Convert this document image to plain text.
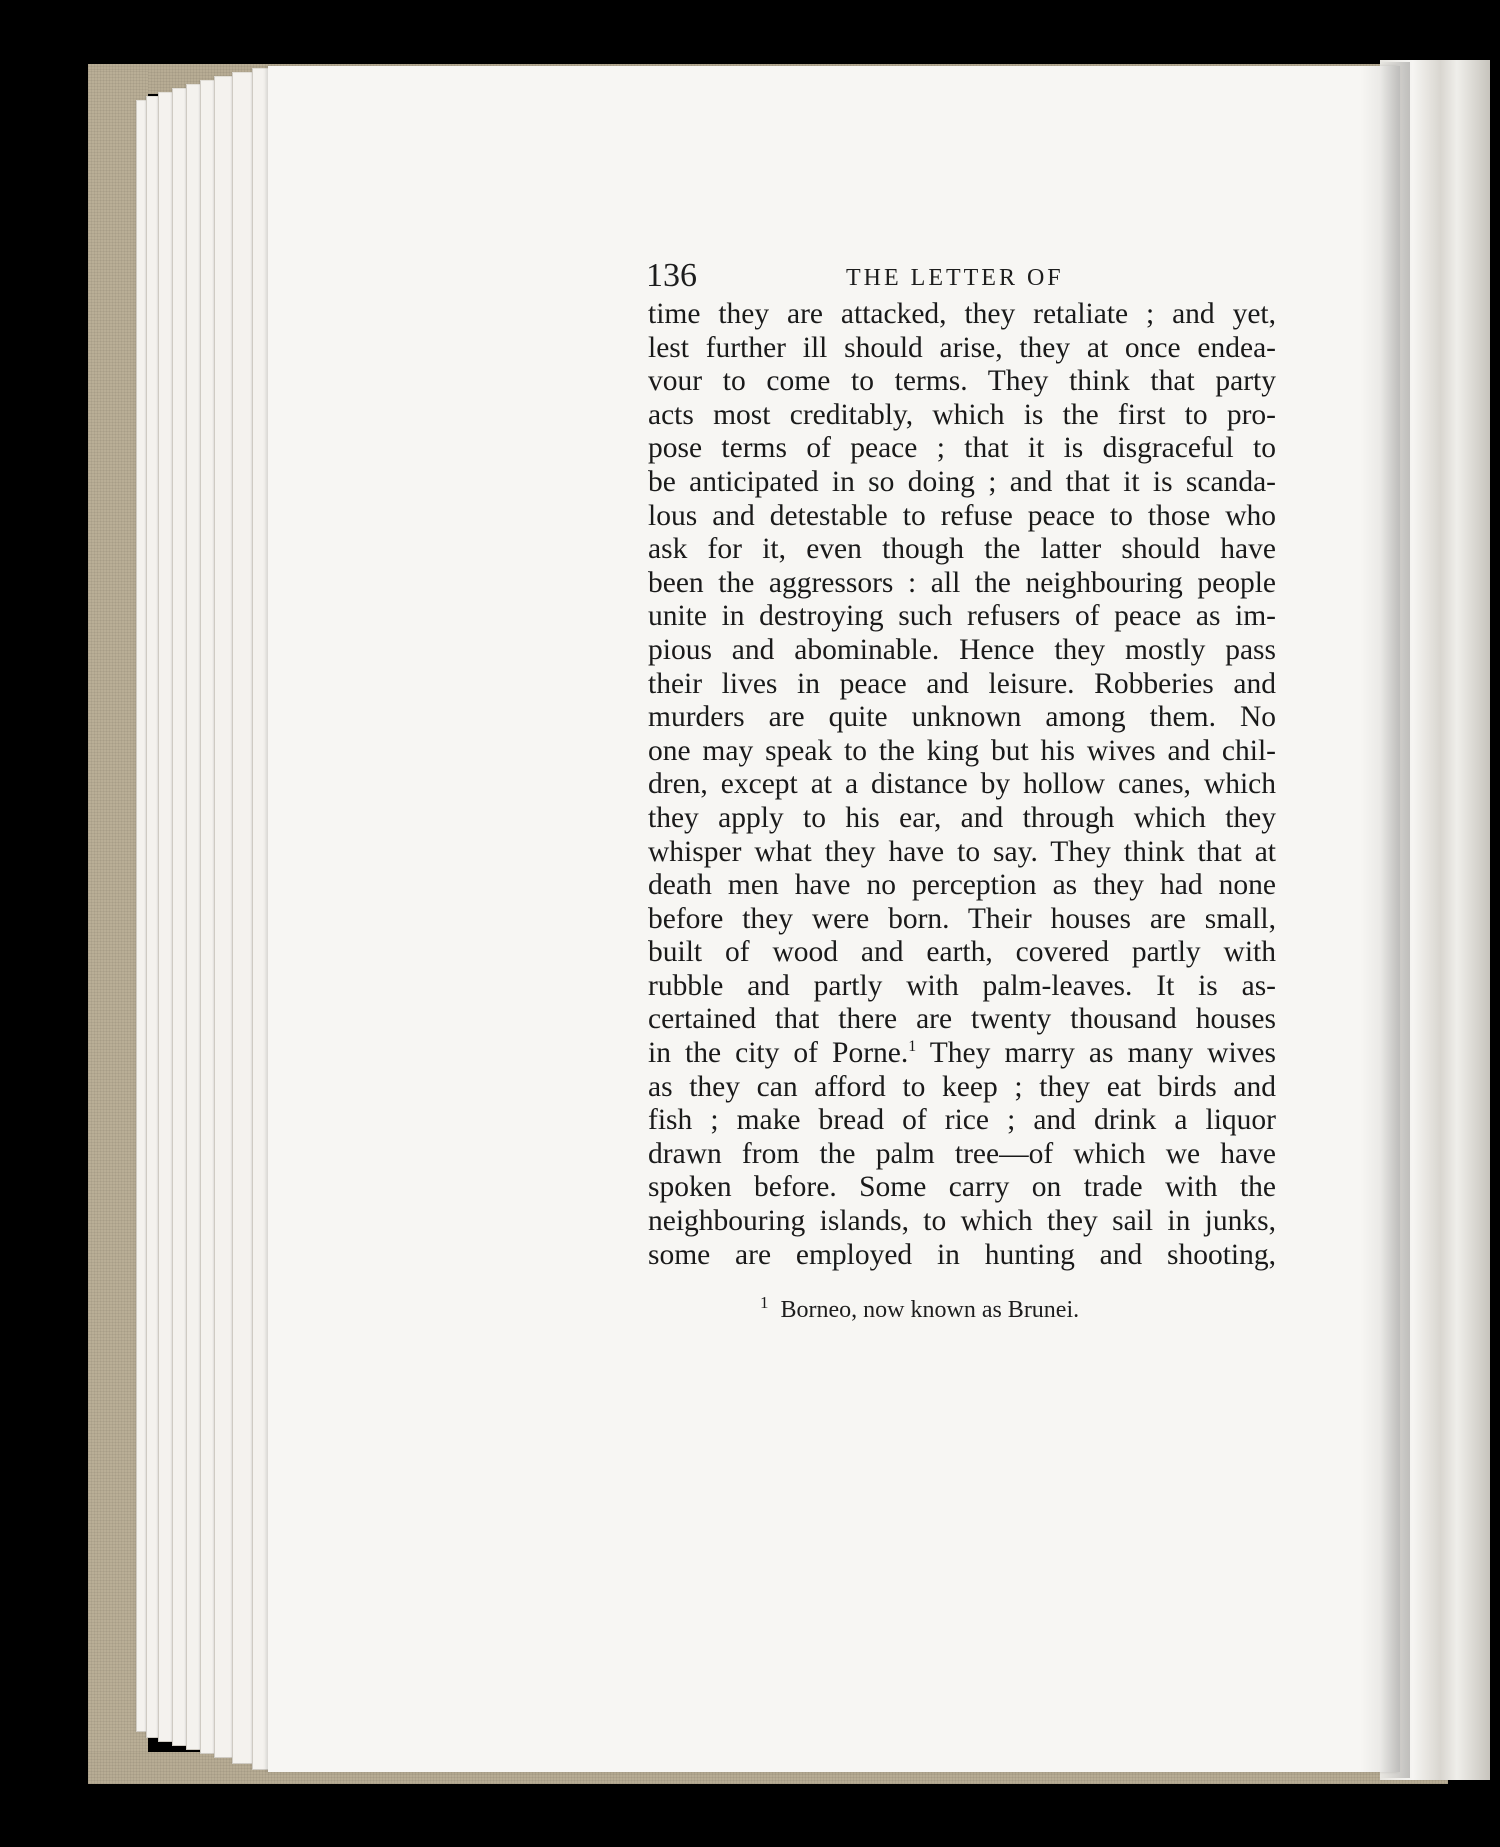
136	THE LETTER OF
time they are attacked, they retaliate ; and yet,
lest further ill should arise, they at once endea-
vour to come to terms. They think that party
acts most creditably, which is the first to pro-
pose terms of peace ; that it is disgraceful to
be anticipated in so doing ; and that it is scanda-
lous and detestable to refuse peace to those who
ask for it, even though the latter should have
been the aggressors : all the neighbouring people
unite in destroying such refusers of peace as im-
pious and abominable. Hence they mostly pass
their lives in peace and leisure. Robberies and
murders are quite unknown among them. No
one may speak to the king but his wives and chil-
dren, except at a distance by hollow canes, which
they apply to his ear, and through which they
whisper what they have to say. They think that at
death men have no perception as they had none
before they were born. Their houses are small,
built of wood and earth, covered partly with
rubble and partly with palm-leaves. It is as-
certained that there are twenty thousand houses
in the city of Porne.$^1$ They marry as many wives
as they can afford to keep ; they eat birds and
fish ; make bread of rice ; and drink a liquor
drawn from the palm tree—of which we have
spoken before. Some carry on trade with the
neighbouring islands, to which they sail in junks,
some are employed in hunting and shooting,
$^1$ Borneo, now known as Brunei.
